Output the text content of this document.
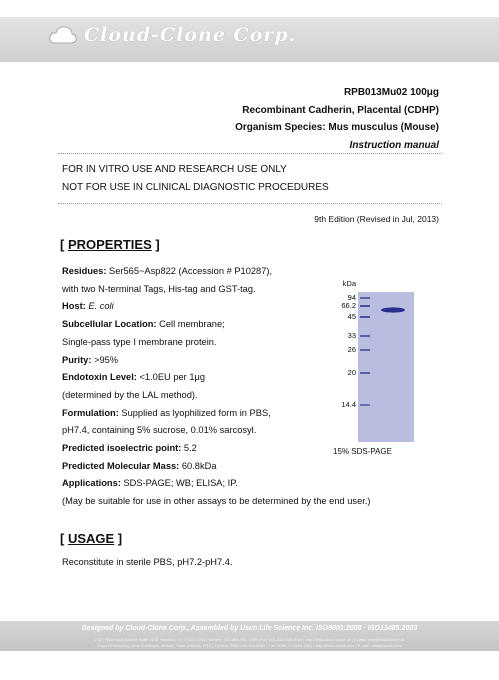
Cloud-Clone Corp.
RPB013Mu02 100μg
Recombinant Cadherin, Placental (CDHP)
Organism Species: Mus musculus (Mouse)
Instruction manual
FOR IN VITRO USE AND RESEARCH USE ONLY
NOT FOR USE IN CLINICAL DIAGNOSTIC PROCEDURES
9th Edition (Revised in Jul, 2013)
[ PROPERTIES ]
Residues: Ser565~Asp822 (Accession # P10287),
with two N-terminal Tags, His-tag and GST-tag.
Host: E. coli
Subcellular Location: Cell membrane;
Single-pass type I membrane protein.
Purity: >95%
Endotoxin Level: <1.0EU per 1μg
(determined by the LAL method).
Formulation: Supplied as lyophilized form in PBS,
pH7.4, containing 5% sucrose, 0.01% sarcosyl.
Predicted isoelectric point: 5.2
Predicted Molecular Mass: 60.8kDa
Applications: SDS-PAGE; WB; ELISA; IP.
(May be suitable for use in other assays to be determined by the end user.)
kDa
94
66.2
45
33
26
20
14.4
15% SDS-PAGE
[ USAGE ]
Reconstitute in sterile PBS, pH7.2-pH7.4.
Designed by Cloud-Clone Corp., Assembled by Uscn Life Science Inc. ISO9001:2008 · ISO13485:2003
1707, Richmond Avenue Suite 1018, Houston, TX 77002, USA | Toll free: 001-866-963-7450 | Fax: 001-832-538-0068 | http://www.cloud-clone.us | E-mail: mail@cloud-clone.us
Export Processing Zone Building 5, Wuhan, Hubei 430056, PRC | Tel Nos: 0086-400-900-6084 | Fax: 0086-27-8425-9551 | http://www.uscnk.com | E-mail: mail@uscnk.com
